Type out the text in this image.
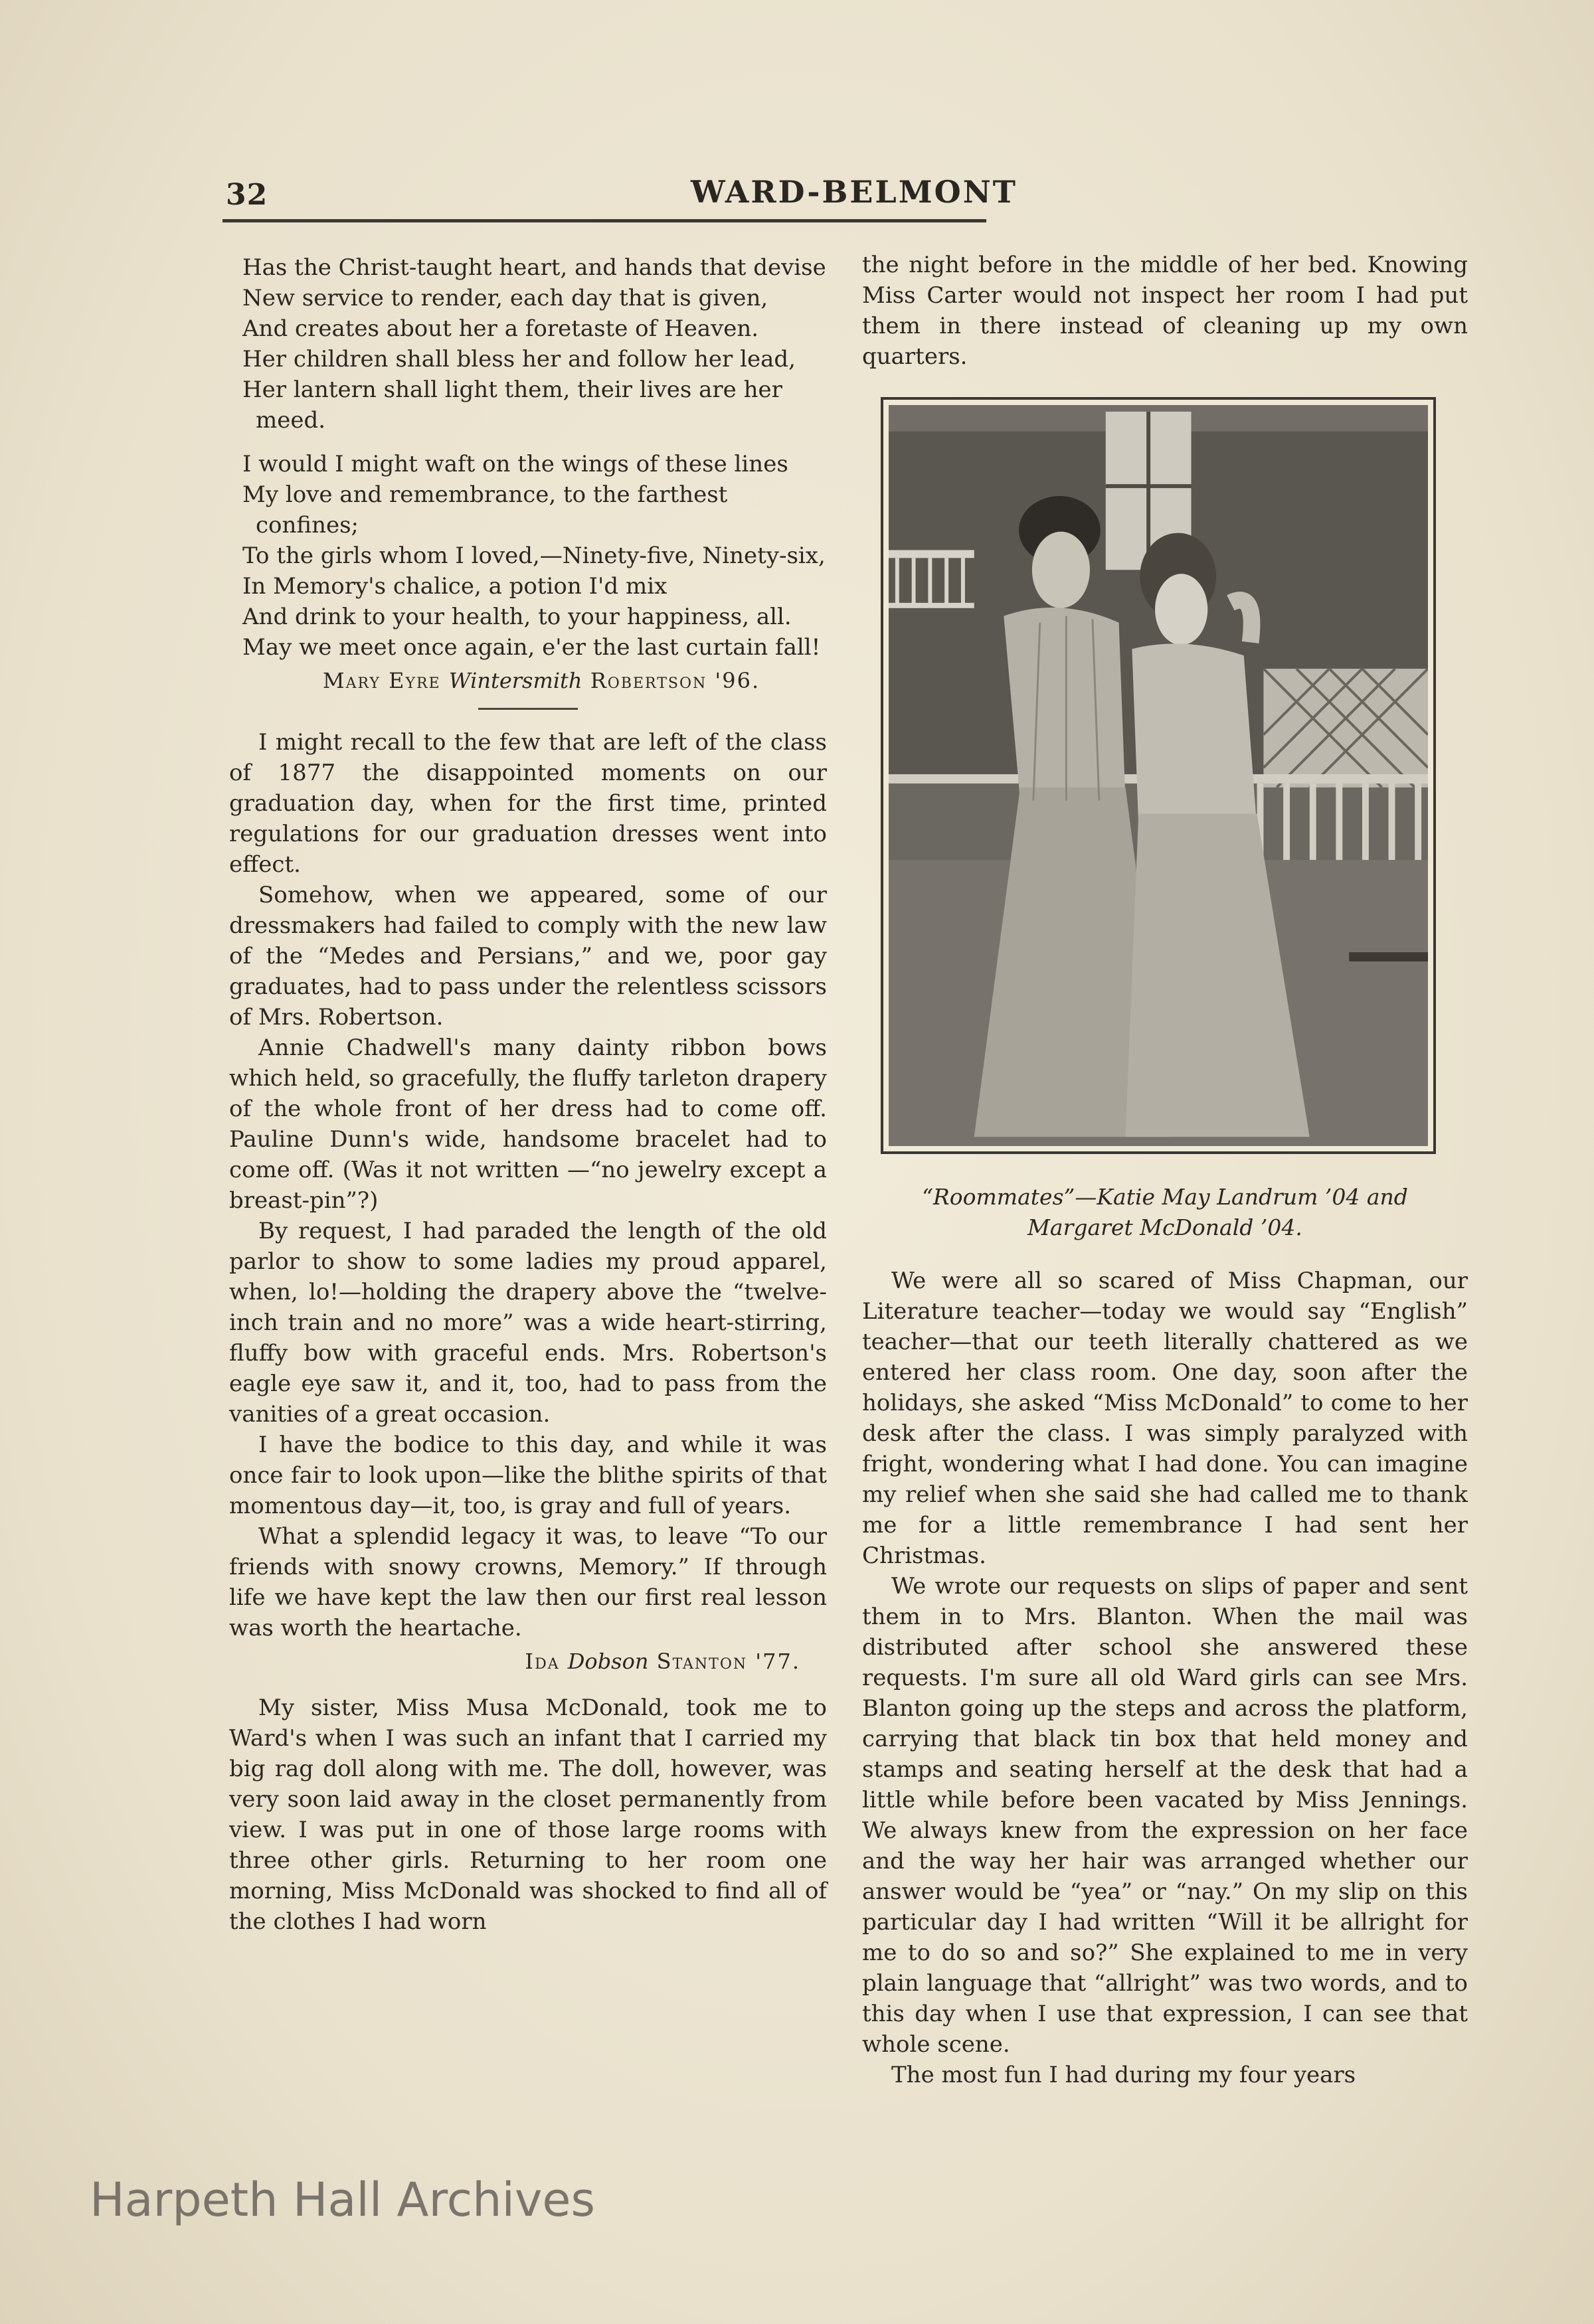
32	WARD-BELMONT

Has the Christ-taught heart, and hands that devise

New service to render, each day that is given,

And creates about her a foretaste of Heaven.

Her children shall bless her and follow her lead,

Her lantern shall light them, their lives are her meed.

I would I might waft on the wings of these lines

My love and remembrance, to the farthest confines;

To the girls whom I loved,—Ninety-five, Ninety-six,

In Memory's chalice, a potion I'd mix

And drink to your health, to your happiness, all.

May we meet once again, e'er the last curtain fall!

Mary Eyre Wintersmith Robertson '96.

I might recall to the few that are left of the class of 1877 the disappointed moments on our graduation day, when for the first time, printed regulations for our graduation dresses went into effect.

Somehow, when we appeared, some of our dressmakers had failed to comply with the new law of the “Medes and Persians,” and we, poor gay graduates, had to pass under the relentless scissors of Mrs. Robertson.

Annie Chadwell's many dainty ribbon bows which held, so gracefully, the fluffy tarleton drapery of the whole front of her dress had to come off. Pauline Dunn's wide, handsome bracelet had to come off. (Was it not written —“no jewelry except a breast-pin”?)

By request, I had paraded the length of the old parlor to show to some ladies my proud apparel, when, lo!—holding the drapery above the “twelve-inch train and no more” was a wide heart-stirring, fluffy bow with graceful ends. Mrs. Robertson's eagle eye saw it, and it, too, had to pass from the vanities of a great occasion.

I have the bodice to this day, and while it was once fair to look upon—like the blithe spirits of that momentous day—it, too, is gray and full of years.

What a splendid legacy it was, to leave “To our friends with snowy crowns, Memory.” If through life we have kept the law then our first real lesson was worth the heartache.

Ida Dobson Stanton '77.

My sister, Miss Musa McDonald, took me to Ward's when I was such an infant that I carried my big rag doll along with me. The doll, however, was very soon laid away in the closet permanently from view. I was put in one of those large rooms with three other girls. Returning to her room one morning, Miss McDonald was shocked to find all of the clothes I had worn

the night before in the middle of her bed. Knowing Miss Carter would not inspect her room I had put them in there instead of cleaning up my own quarters.

“Roommates”—Katie May Landrum ’04 and
Margaret McDonald ’04.

We were all so scared of Miss Chapman, our Literature teacher—today we would say “English” teacher—that our teeth literally chattered as we entered her class room. One day, soon after the holidays, she asked “Miss McDonald” to come to her desk after the class. I was simply paralyzed with fright, wondering what I had done. You can imagine my relief when she said she had called me to thank me for a little remembrance I had sent her Christmas.

We wrote our requests on slips of paper and sent them in to Mrs. Blanton. When the mail was distributed after school she answered these requests. I'm sure all old Ward girls can see Mrs. Blanton going up the steps and across the platform, carrying that black tin box that held money and stamps and seating herself at the desk that had a little while before been vacated by Miss Jennings. We always knew from the expression on her face and the way her hair was arranged whether our answer would be “yea” or “nay.” On my slip on this particular day I had written “Will it be allright for me to do so and so?” She explained to me in very plain language that “allright” was two words, and to this day when I use that expression, I can see that whole scene.

The most fun I had during my four years

Harpeth Hall Archives
